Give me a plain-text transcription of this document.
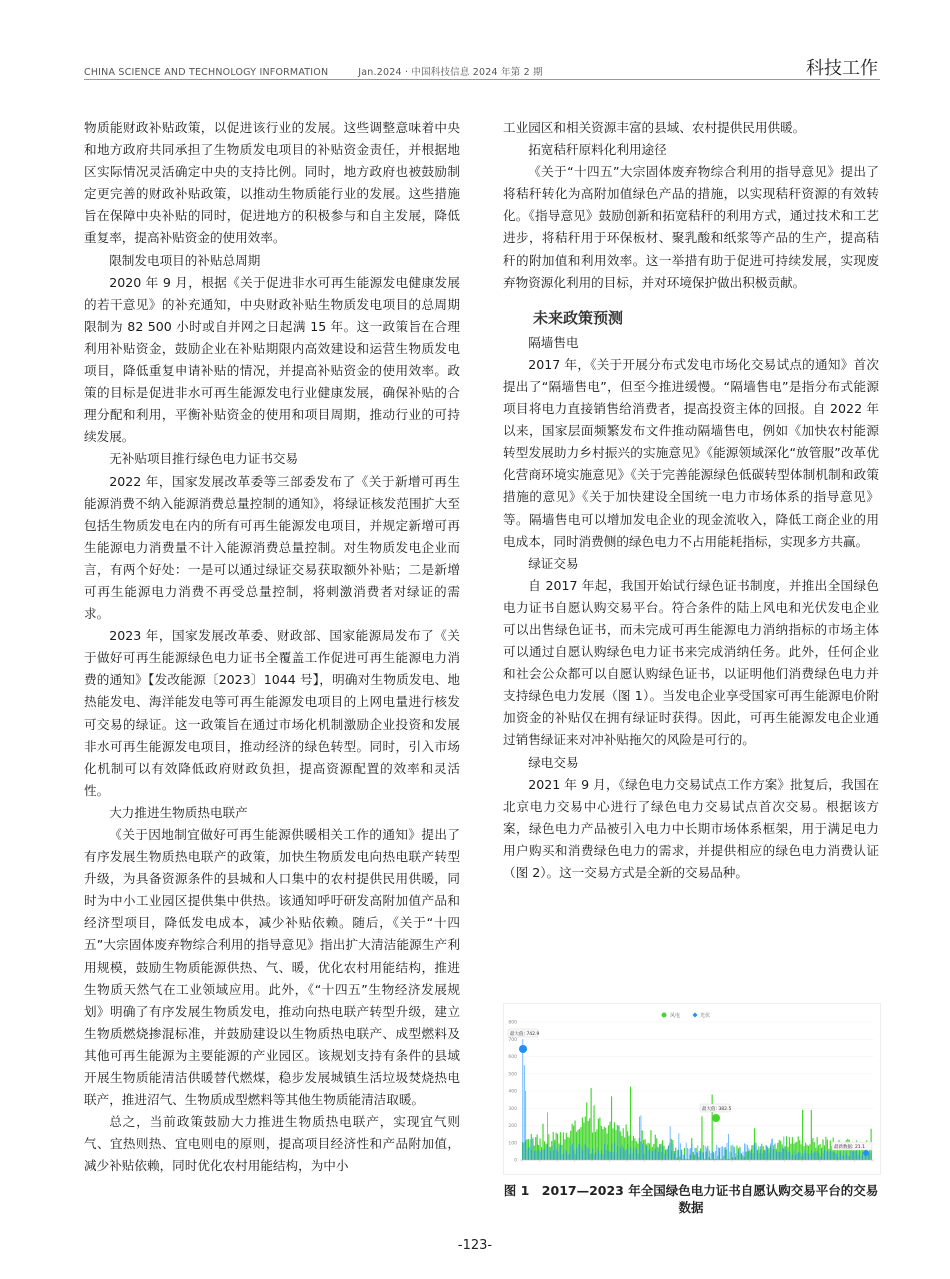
CHINA SCIENCE AND TECHNOLOGY INFORMATION	Jan.2024 · 中国科技信息 2024 年第 2 期	科技工作

物质能财政补贴政策，以促进该行业的发展。这些调整意味着中央和地方政府共同承担了生物质发电项目的补贴资金责任，并根据地区实际情况灵活确定中央的支持比例。同时，地方政府也被鼓励制定更完善的财政补贴政策，以推动生物质能行业的发展。这些措施旨在保障中央补贴的同时，促进地方的积极参与和自主发展，降低重复率，提高补贴资金的使用效率。

限制发电项目的补贴总周期

2020 年 9 月，根据《关于促进非水可再生能源发电健康发展的若干意见》的补充通知，中央财政补贴生物质发电项目的总周期限制为 82 500 小时或自并网之日起满 15 年。这一政策旨在合理利用补贴资金，鼓励企业在补贴期限内高效建设和运营生物质发电项目，降低重复申请补贴的情况，并提高补贴资金的使用效率。政策的目标是促进非水可再生能源发电行业健康发展，确保补贴的合理分配和利用，平衡补贴资金的使用和项目周期，推动行业的可持续发展。

无补贴项目推行绿色电力证书交易

2022 年，国家发展改革委等三部委发布了《关于新增可再生能源消费不纳入能源消费总量控制的通知》，将绿证核发范围扩大至包括生物质发电在内的所有可再生能源发电项目，并规定新增可再生能源电力消费量不计入能源消费总量控制。对生物质发电企业而言，有两个好处：一是可以通过绿证交易获取额外补贴；二是新增可再生能源电力消费不再受总量控制，将刺激消费者对绿证的需求。

2023 年，国家发展改革委、财政部、国家能源局发布了《关于做好可再生能源绿色电力证书全覆盖工作促进可再生能源电力消费的通知》【发改能源〔2023〕1044 号】，明确对生物质发电、地热能发电、海洋能发电等可再生能源发电项目的上网电量进行核发可交易的绿证。这一政策旨在通过市场化机制激励企业投资和发展非水可再生能源发电项目，推动经济的绿色转型。同时，引入市场化机制可以有效降低政府财政负担，提高资源配置的效率和灵活性。

大力推进生物质热电联产

《关于因地制宜做好可再生能源供暖相关工作的通知》提出了有序发展生物质热电联产的政策，加快生物质发电向热电联产转型升级，为具备资源条件的县城和人口集中的农村提供民用供暖，同时为中小工业园区提供集中供热。该通知呼吁研发高附加值产品和经济型项目，降低发电成本，减少补贴依赖。随后，《关于“十四五”大宗固体废弃物综合利用的指导意见》指出扩大清洁能源生产利用规模，鼓励生物质能源供热、气、暖，优化农村用能结构，推进生物质天然气在工业领域应用。此外，《“十四五”生物经济发展规划》明确了有序发展生物质发电，推动向热电联产转型升级，建立生物质燃烧掺混标准，并鼓励建设以生物质热电联产、成型燃料及其他可再生能源为主要能源的产业园区。该规划支持有条件的县域开展生物质能清洁供暖替代燃煤，稳步发展城镇生活垃圾焚烧热电联产，推进沼气、生物质成型燃料等其他生物质能清洁取暖。

总之，当前政策鼓励大力推进生物质热电联产，实现宜气则气、宜热则热、宜电则电的原则，提高项目经济性和产品附加值，减少补贴依赖，同时优化农村用能结构，为中小

工业园区和相关资源丰富的县域、农村提供民用供暖。

拓宽秸秆原料化利用途径

《关于“十四五”大宗固体废弃物综合利用的指导意见》提出了将秸秆转化为高附加值绿色产品的措施，以实现秸秆资源的有效转化。《指导意见》鼓励创新和拓宽秸秆的利用方式，通过技术和工艺进步，将秸秆用于环保板材、聚乳酸和纸浆等产品的生产，提高秸秆的附加值和利用效率。这一举措有助于促进可持续发展，实现废弃物资源化利用的目标，并对环境保护做出积极贡献。

未来政策预测

隔墙售电

2017 年，《关于开展分布式发电市场化交易试点的通知》首次提出了“隔墙售电”，但至今推进缓慢。“隔墙售电”是指分布式能源项目将电力直接销售给消费者，提高投资主体的回报。自 2022 年以来，国家层面频繁发布文件推动隔墙售电，例如《加快农村能源转型发展助力乡村振兴的实施意见》《能源领域深化“放管服”改革优化营商环境实施意见》《关于完善能源绿色低碳转型体制机制和政策措施的意见》《关于加快建设全国统一电力市场体系的指导意见》等。隔墙售电可以增加发电企业的现金流收入，降低工商企业的用电成本，同时消费侧的绿色电力不占用能耗指标，实现多方共赢。

绿证交易

自 2017 年起，我国开始试行绿色证书制度，并推出全国绿色电力证书自愿认购交易平台。符合条件的陆上风电和光伏发电企业可以出售绿色证书，而未完成可再生能源电力消纳指标的市场主体可以通过自愿认购绿色电力证书来完成消纳任务。此外，任何企业和社会公众都可以自愿认购绿色证书，以证明他们消费绿色电力并支持绿色电力发展（图 1）。当发电企业享受国家可再生能源电价附加资金的补贴仅在拥有绿证时获得。因此，可再生能源发电企业通过销售绿证来对冲补贴拖欠的风险是可行的。

绿电交易

2021 年 9 月，《绿色电力交易试点工作方案》批复后，我国在北京电力交易中心进行了绿色电力交易试点首次交易。根据该方案，绿色电力产品被引入电力中长期市场体系框架，用于满足电力用户购买和消费绿色电力的需求，并提供相应的绿色电力消费认证（图 2）。这一交易方式是全新的交易品种。

风电	光伏
800
700
600
500
400
300
200
100
0
最大值: 742.9
最大值: 382.5
最新数据: 21.1
图 1　2017—2023 年全国绿色电力证书自愿认购交易平台的交易数据
-123-
